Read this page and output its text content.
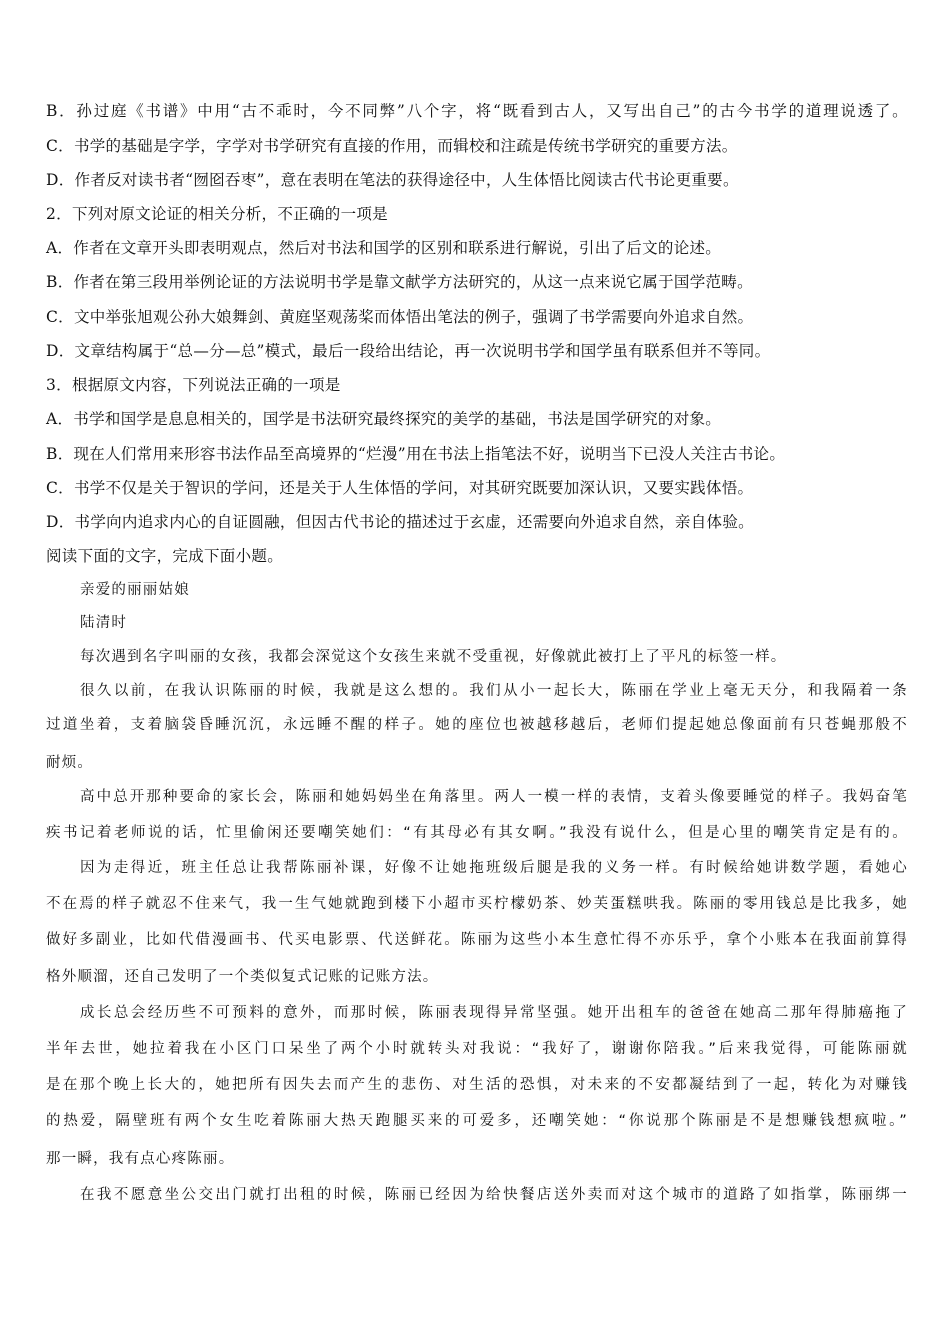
B．孙过庭《书谱》中用“古不乖时，今不同弊”八个字，将“既看到古人，又写出自己”的古今书学的道理说透了。
C．书学的基础是字学，字学对书学研究有直接的作用，而辑校和注疏是传统书学研究的重要方法。
D．作者反对读书者“囫囵吞枣”，意在表明在笔法的获得途径中，人生体悟比阅读古代书论更重要。
2．下列对原文论证的相关分析，不正确的一项是
A．作者在文章开头即表明观点，然后对书法和国学的区别和联系进行解说，引出了后文的论述。
B．作者在第三段用举例论证的方法说明书学是靠文献学方法研究的，从这一点来说它属于国学范畴。
C．文中举张旭观公孙大娘舞剑、黄庭坚观荡桨而体悟出笔法的例子，强调了书学需要向外追求自然。
D．文章结构属于“总—分—总”模式，最后一段给出结论，再一次说明书学和国学虽有联系但并不等同。
3．根据原文内容，下列说法正确的一项是
A．书学和国学是息息相关的，国学是书法研究最终探究的美学的基础，书法是国学研究的对象。
B．现在人们常用来形容书法作品至高境界的“烂漫”用在书法上指笔法不好，说明当下已没人关注古书论。
C．书学不仅是关于智识的学问，还是关于人生体悟的学问，对其研究既要加深认识，又要实践体悟。
D．书学向内追求内心的自证圆融，但因古代书论的描述过于玄虚，还需要向外追求自然，亲自体验。
阅读下面的文字，完成下面小题。
亲爱的丽丽姑娘
陆清时
每次遇到名字叫丽的女孩，我都会深觉这个女孩生来就不受重视，好像就此被打上了平凡的标签一样。
很久以前，在我认识陈丽的时候，我就是这么想的。我们从小一起长大，陈丽在学业上毫无天分，和我隔着一条
过道坐着，支着脑袋昏睡沉沉，永远睡不醒的样子。她的座位也被越移越后，老师们提起她总像面前有只苍蝇那般不
耐烦。
高中总开那种要命的家长会，陈丽和她妈妈坐在角落里。两人一模一样的表情，支着头像要睡觉的样子。我妈奋笔
疾书记着老师说的话，忙里偷闲还要嘲笑她们：“有其母必有其女啊。”我没有说什么，但是心里的嘲笑肯定是有的。
因为走得近，班主任总让我帮陈丽补课，好像不让她拖班级后腿是我的义务一样。有时候给她讲数学题，看她心
不在焉的样子就忍不住来气，我一生气她就跑到楼下小超市买柠檬奶茶、妙芙蛋糕哄我。陈丽的零用钱总是比我多，她
做好多副业，比如代借漫画书、代买电影票、代送鲜花。陈丽为这些小本生意忙得不亦乐乎，拿个小账本在我面前算得
格外顺溜，还自己发明了一个类似复式记账的记账方法。
成长总会经历些不可预料的意外，而那时候，陈丽表现得异常坚强。她开出租车的爸爸在她高二那年得肺癌拖了
半年去世，她拉着我在小区门口呆坐了两个小时就转头对我说：“我好了，谢谢你陪我。”后来我觉得，可能陈丽就
是在那个晚上长大的，她把所有因失去而产生的悲伤、对生活的恐惧，对未来的不安都凝结到了一起，转化为对赚钱
的热爱，隔壁班有两个女生吃着陈丽大热天跑腿买来的可爱多，还嘲笑她：“你说那个陈丽是不是想赚钱想疯啦。”
那一瞬，我有点心疼陈丽。
在我不愿意坐公交出门就打出租的时候，陈丽已经因为给快餐店送外卖而对这个城市的道路了如指掌，陈丽绑一
